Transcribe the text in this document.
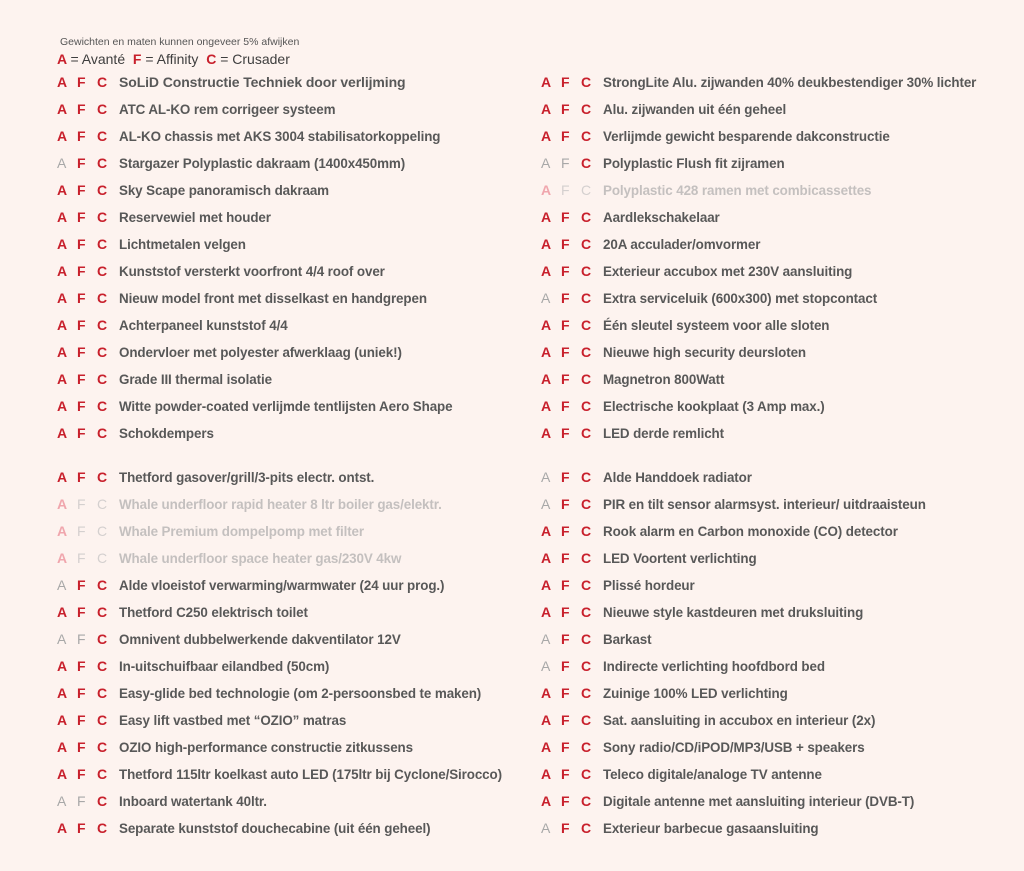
Gewichten en maten kunnen ongeveer 5% afwijken
A = Avanté F = Affinity C = Crusader
A F C SoLiD Constructie Techniek door verlijming
A F C ATC AL-KO rem corrigeer systeem
A F C AL-KO chassis met AKS 3004 stabilisatorkoppeling
A F C Stargazer Polyplastic dakraam (1400x450mm)
A F C Sky Scape panoramisch dakraam
A F C Reservewiel met houder
A F C Lichtmetalen velgen
A F C Kunststof versterkt voorfront 4/4 roof over
A F C Nieuw model front met disselkast en handgrepen
A F C Achterpaneel kunststof 4/4
A F C Ondervloer met polyester afwerklaag (uniek!)
A F C Grade III thermal isolatie
A F C Witte powder-coated verlijmde tentlijsten Aero Shape
A F C Schokdempers
A F C Thetford gasover/grill/3-pits electr. ontst.
A F C Whale underfloor rapid heater 8 ltr boiler gas/elektr.
A F C Whale Premium dompelpomp met filter
A F C Whale underfloor space heater gas/230V 4kw
A F C Alde vloeistof verwarming/warmwater (24 uur prog.)
A F C Thetford C250 elektrisch toilet
A F C Omnivent dubbelwerkende dakventilator 12V
A F C In-uitschuifbaar eilandbed (50cm)
A F C Easy-glide bed technologie (om 2-persoonsbed te maken)
A F C Easy lift vastbed met “OZIO” matras
A F C OZIO high-performance constructie zitkussens
A F C Thetford 115ltr koelkast auto LED (175ltr bij Cyclone/Sirocco)
A F C Inboard watertank 40ltr.
A F C Separate kunststof douchecabine (uit één geheel)
A F C StrongLite Alu. zijwanden 40% deukbestendiger 30% lichter
A F C Alu. zijwanden uit één geheel
A F C Verlijmde gewicht besparende dakconstructie
A F C Polyplastic Flush fit zijramen
A F C Polyplastic 428 ramen met combicassettes
A F C Aardlekschakelaar
A F C 20A acculader/omvormer
A F C Exterieur accubox met 230V aansluiting
A F C Extra serviceluik (600x300) met stopcontact
A F C Één sleutel systeem voor alle sloten
A F C Nieuwe high security deursloten
A F C Magnetron 800Watt
A F C Electrische kookplaat (3 Amp max.)
A F C LED derde remlicht
A F C Alde Handdoek radiator
A F C PIR en tilt sensor alarmsyst. interieur/ uitdraaisteun
A F C Rook alarm en Carbon monoxide (CO) detector
A F C LED Voortent verlichting
A F C Plissé hordeur
A F C Nieuwe style kastdeuren met druksluiting
A F C Barkast
A F C Indirecte verlichting hoofdbord bed
A F C Zuinige 100% LED verlichting
A F C Sat. aansluiting in accubox en interieur (2x)
A F C Sony radio/CD/iPOD/MP3/USB + speakers
A F C Teleco digitale/analoge TV antenne
A F C Digitale antenne met aansluiting interieur (DVB-T)
A F C Exterieur barbecue gasaansluiting
